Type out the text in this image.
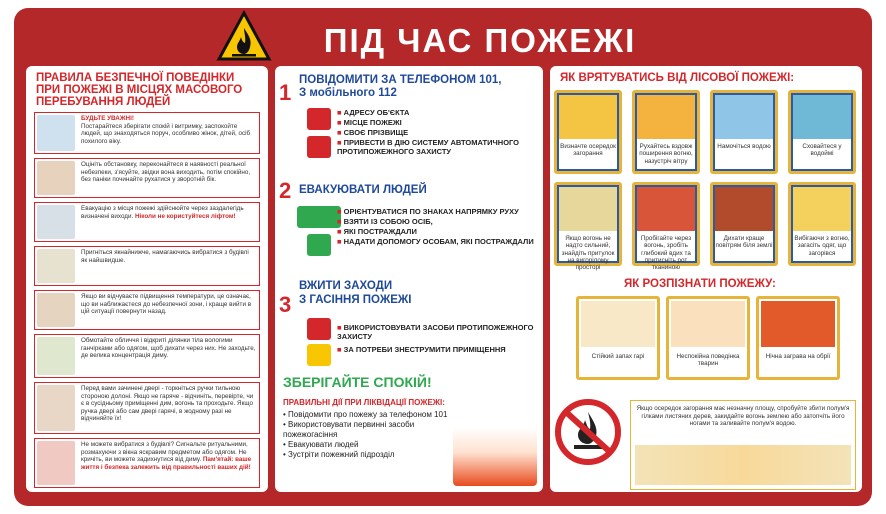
ПІД ЧАС ПОЖЕЖІ
ПРАВИЛА БЕЗПЕЧНОЇ ПОВЕДІНКИ
ПРИ ПОЖЕЖІ В МІСЦЯХ МАСОВОГО
ПЕРЕБУВАННЯ ЛЮДЕЙ
БУДЬТЕ УВАЖНІ!
Постарайтеся зберігати спокій і витримку, заспокойте людей, що знаходяться поруч, особливо жінок, дітей, осіб похилого віку.
Оцініть обстановку, переконайтеся в наявності реальної небезпеки, з'ясуйте, звідки вона виходить, потім спокійно, без паніки починайте рухатися у зворотній бік.
Евакуацію з місця пожежі здійснюйте через заздалегідь визначені виходи. Ніколи не користуйтеся ліфтом!
Пригніться якнайнижче, намагаючись вибратися з будівлі як найшвидше.
Якщо ви відчуваєте підвищення температури, це означає, що ви наближаєтеся до небезпечної зони, і краще вийти в цій ситуації повернути назад.
Обмотайте обличчя і відкриті ділянки тіла вологими ганчірками або одягом, щоб дихати через них. Не заходьте, де велика концентрація диму.
Перед вами зачинені двері - торкніться ручки тильною стороною долоні. Якщо не гаряче - відчиніть, перевірте, чи є в сусідньому приміщенні дим, вогонь та проходьте. Якщо ручка двері або сам двері гарячі, в жодному разі не відчиняйте їх!
Не можете вибратися з будівлі? Сигнальте ритуальними, розмахуючи з вікна яскравим предметом або одягом. Не кричіть, ви можете задихнутися від диму. Пам'ятай: ваше життя і безпека залежить від правильності ваших дій!
1 ПОВІДОМИТИ ЗА ТЕЛЕФОНОМ 101,
З мобільного 112
■ АДРЕСУ ОБ'ЄКТА
■ МІСЦЕ ПОЖЕЖІ
■ СВОЄ ПРІЗВИЩЕ
■ ПРИВЕСТИ В ДІЮ СИСТЕМУ АВТОМАТИЧНОГО ПРОТИПОЖЕЖНОГО ЗАХИСТУ
2 ЕВАКУЮВАТИ ЛЮДЕЙ
■ ОРІЄНТУВАТИСЯ ПО ЗНАКАХ НАПРЯМКУ РУХУ
■ ВЗЯТИ ІЗ СОБОЮ ОСІБ,
■ ЯКІ ПОСТРАЖДАЛИ
■ НАДАТИ ДОПОМОГУ ОСОБАМ, ЯКІ ПОСТРАЖДАЛИ
ВЖИТИ ЗАХОДИ
3 З ГАСІННЯ ПОЖЕЖІ
■ ВИКОРИСТОВУВАТИ ЗАСОБИ ПРОТИПОЖЕЖНОГО ЗАХИСТУ
■ ЗА ПОТРЕБИ ЗНЕСТРУМИТИ ПРИМІЩЕННЯ
ЗБЕРІГАЙТЕ СПОКІЙ!
ПРАВИЛЬНІ ДІЇ ПРИ ЛІКВІДАЦІЇ ПОЖЕЖІ:
• Повідомити про пожежу за телефоном 101
• Використовувати первинні засоби пожежогасіння
• Евакуювати людей
• Зустріти пожежний підрозділ
ЯК ВРЯТУВАТИСЬ ВІД ЛІСОВОЇ ПОЖЕЖІ:
Визначте осередок загорання
Рухайтесь вздовж поширення вогню, назустріч вітру
Намочіться водою	Сховайтеся у водоймі
Якщо вогонь не надто сильний, знайдіть притулок на вигорілому просторі
Пробігайте через вогонь, зробіть глибокий вдих та притисніть рот тканиною
Дихати краще повітрям біля землі
Вибігаючи з вогню, загасіть одяг, що загорівся
ЯК РОЗПІЗНАТИ ПОЖЕЖУ:
Стійкий запах гарі	Неспокійна поведінка тварин
Нічна заграва на обрії
Якщо осередок загорання має незначну площу, спробуйте збити полум'я гілками листяних дерев, закидайте вогонь землею або затопчіть його ногами та заливайте полум'я водою.
